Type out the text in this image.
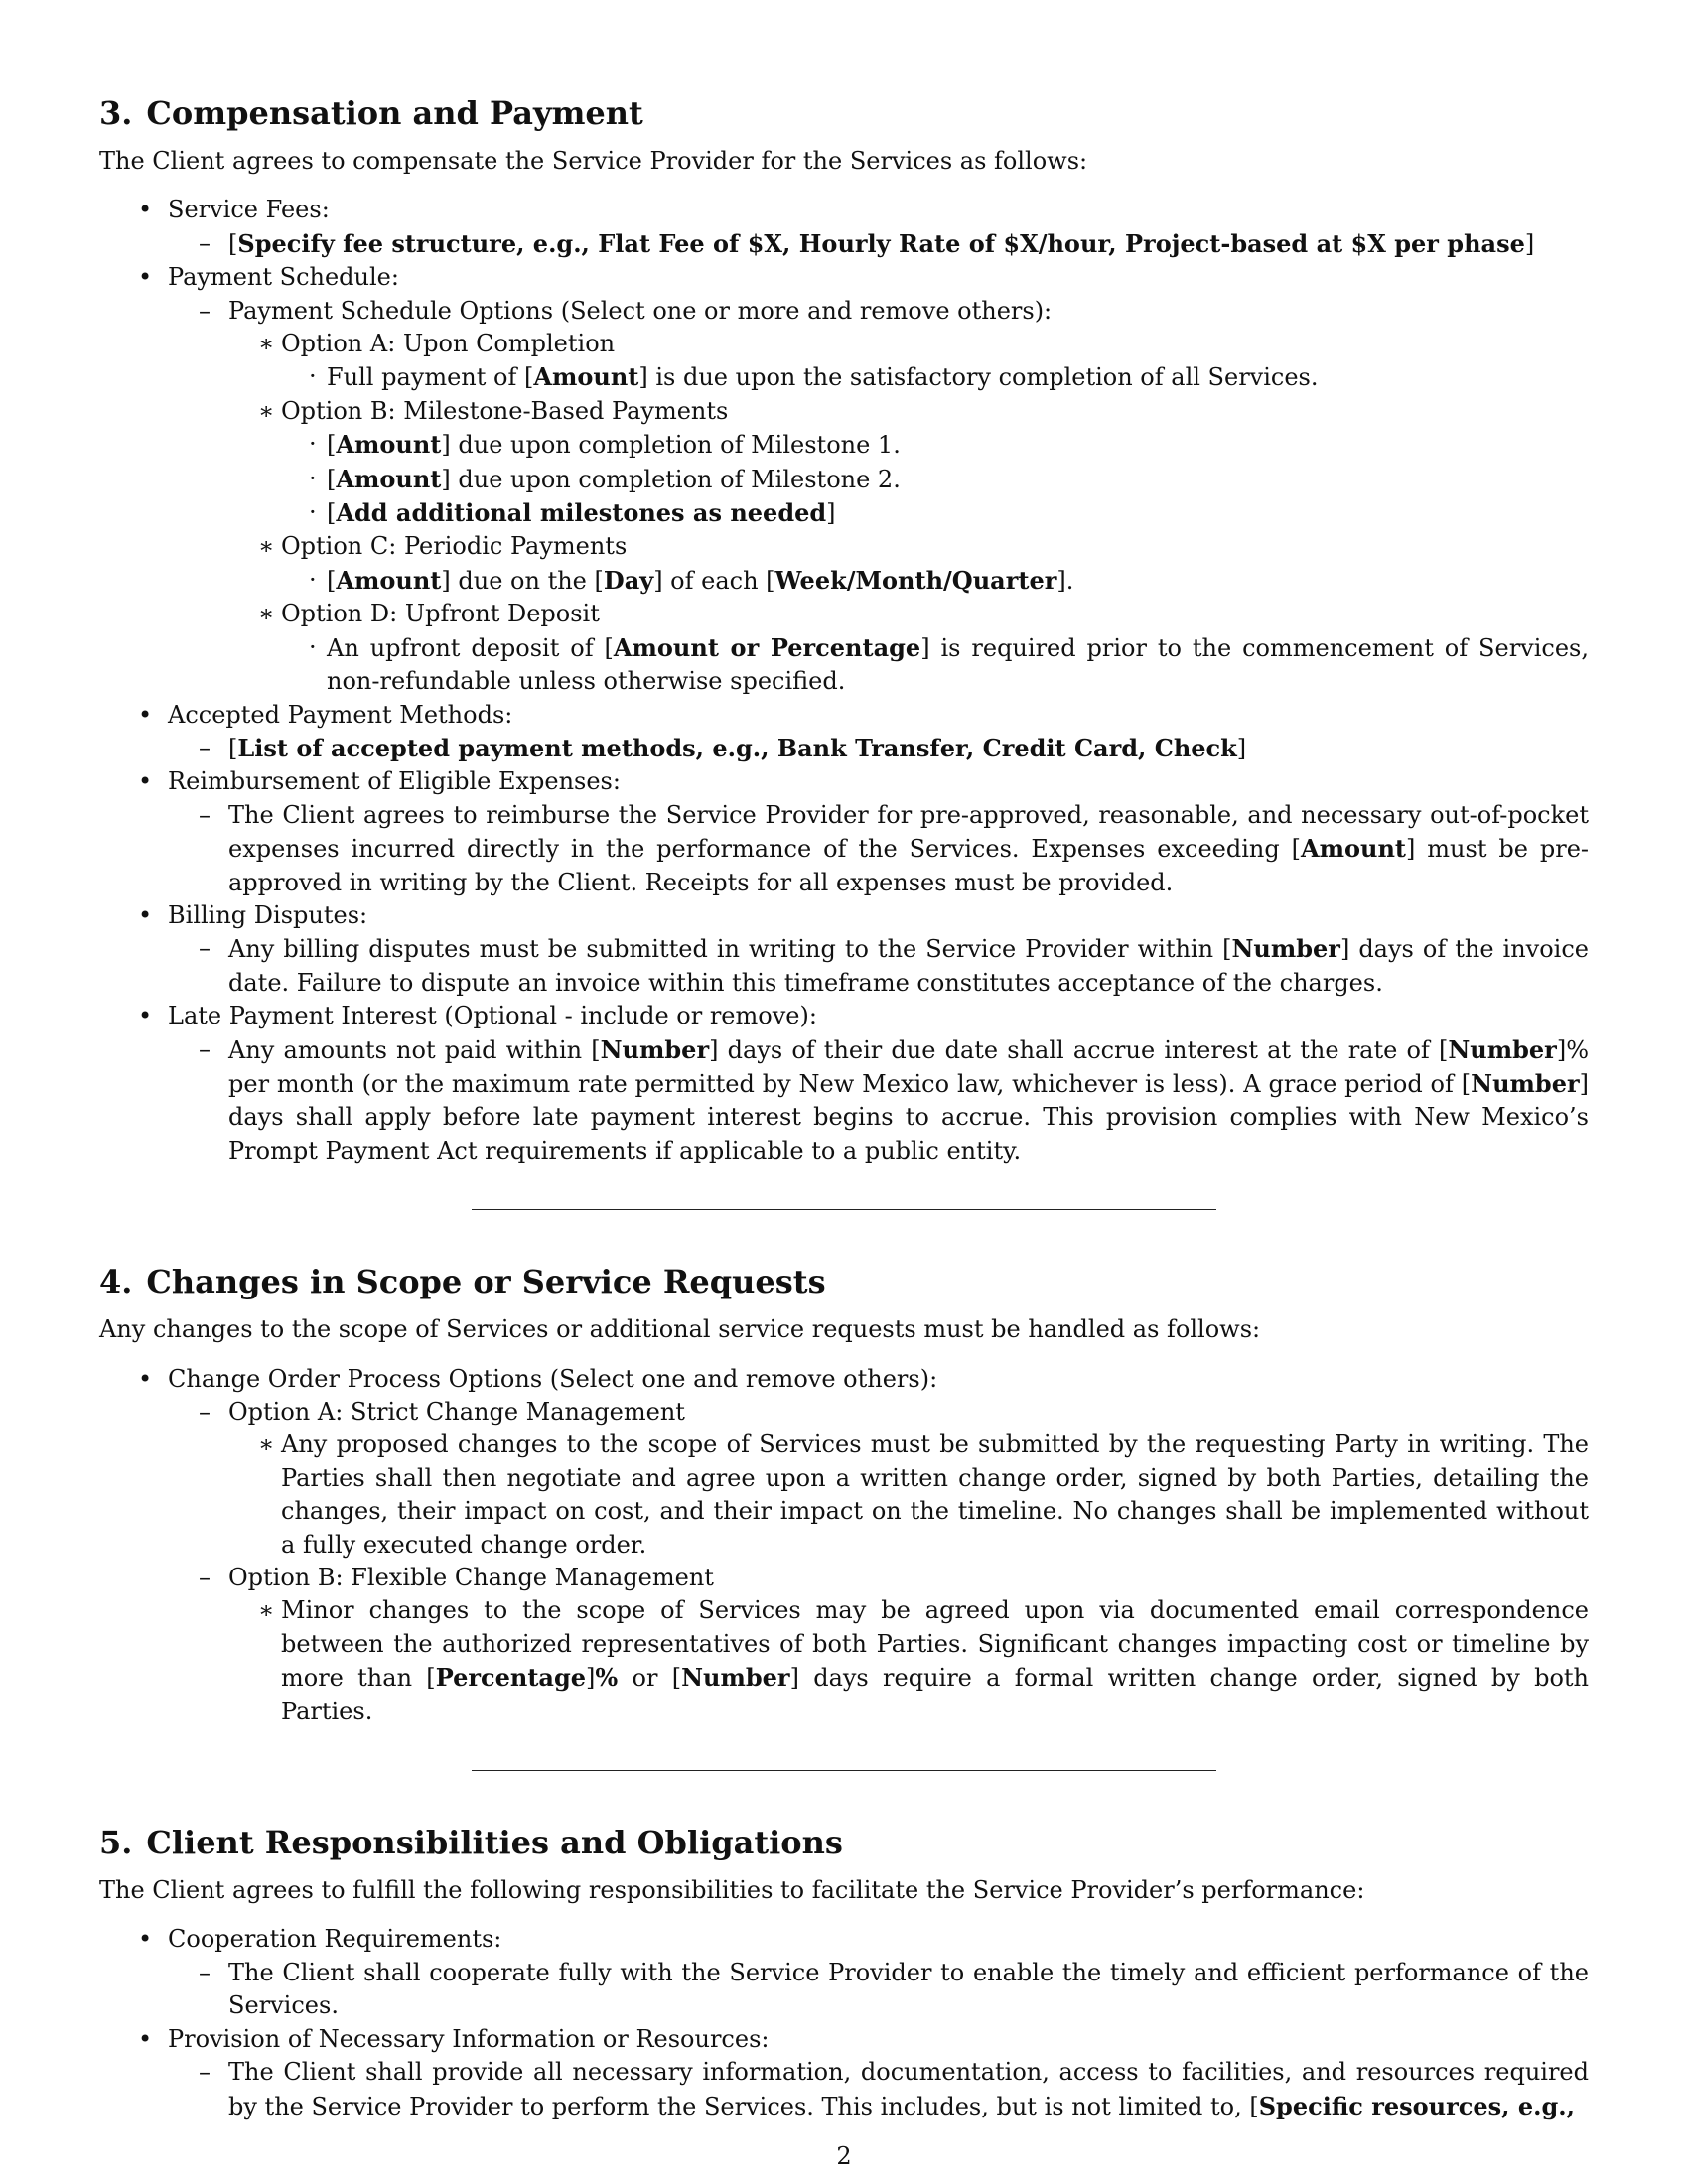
3. Compensation and Payment

The Client agrees to compensate the Service Provider for the Services as follows:

• Service Fees:
– [Specify fee structure, e.g., Flat Fee of $X, Hourly Rate of $X/hour, Project-based at $X per phase]
• Payment Schedule:
– Payment Schedule Options (Select one or more and remove others):
∗ Option A: Upon Completion
· Full payment of [Amount] is due upon the satisfactory completion of all Services.
∗ Option B: Milestone-Based Payments
· [Amount] due upon completion of Milestone 1.
· [Amount] due upon completion of Milestone 2.
· [Add additional milestones as needed]
∗ Option C: Periodic Payments
· [Amount] due on the [Day] of each [Week/Month/Quarter].
∗ Option D: Upfront Deposit
· An upfront deposit of [Amount or Percentage] is required prior to the commencement of Services, non-refundable unless otherwise specified.
• Accepted Payment Methods:
– [List of accepted payment methods, e.g., Bank Transfer, Credit Card, Check]
• Reimbursement of Eligible Expenses:
– The Client agrees to reimburse the Service Provider for pre-approved, reasonable, and necessary out-of-pocket expenses incurred directly in the performance of the Services. Expenses exceeding [Amount] must be pre-approved in writing by the Client. Receipts for all expenses must be provided.
• Billing Disputes:
– Any billing disputes must be submitted in writing to the Service Provider within [Number] days of the invoice date. Failure to dispute an invoice within this timeframe constitutes acceptance of the charges.
• Late Payment Interest (Optional - include or remove):
– Any amounts not paid within [Number] days of their due date shall accrue interest at the rate of [Number]% per month (or the maximum rate permitted by New Mexico law, whichever is less). A grace period of [Number] days shall apply before late payment interest begins to accrue. This provision complies with New Mexico’s Prompt Payment Act requirements if applicable to a public entity.
4. Changes in Scope or Service Requests

Any changes to the scope of Services or additional service requests must be handled as follows:

• Change Order Process Options (Select one and remove others):
– Option A: Strict Change Management
∗ Any proposed changes to the scope of Services must be submitted by the requesting Party in writing. The Parties shall then negotiate and agree upon a written change order, signed by both Parties, detailing the changes, their impact on cost, and their impact on the timeline. No changes shall be implemented without a fully executed change order.
– Option B: Flexible Change Management
∗ Minor changes to the scope of Services may be agreed upon via documented email correspondence between the authorized representatives of both Parties. Significant changes impacting cost or timeline by more than [Percentage]% or [Number] days require a formal written change order, signed by both Parties.
5. Client Responsibilities and Obligations

The Client agrees to fulfill the following responsibilities to facilitate the Service Provider’s performance:

• Cooperation Requirements:
– The Client shall cooperate fully with the Service Provider to enable the timely and efficient performance of the Services.
• Provision of Necessary Information or Resources:
– The Client shall provide all necessary information, documentation, access to facilities, and resources required by the Service Provider to perform the Services. This includes, but is not limited to, [Specific resources, e.g.,
2
